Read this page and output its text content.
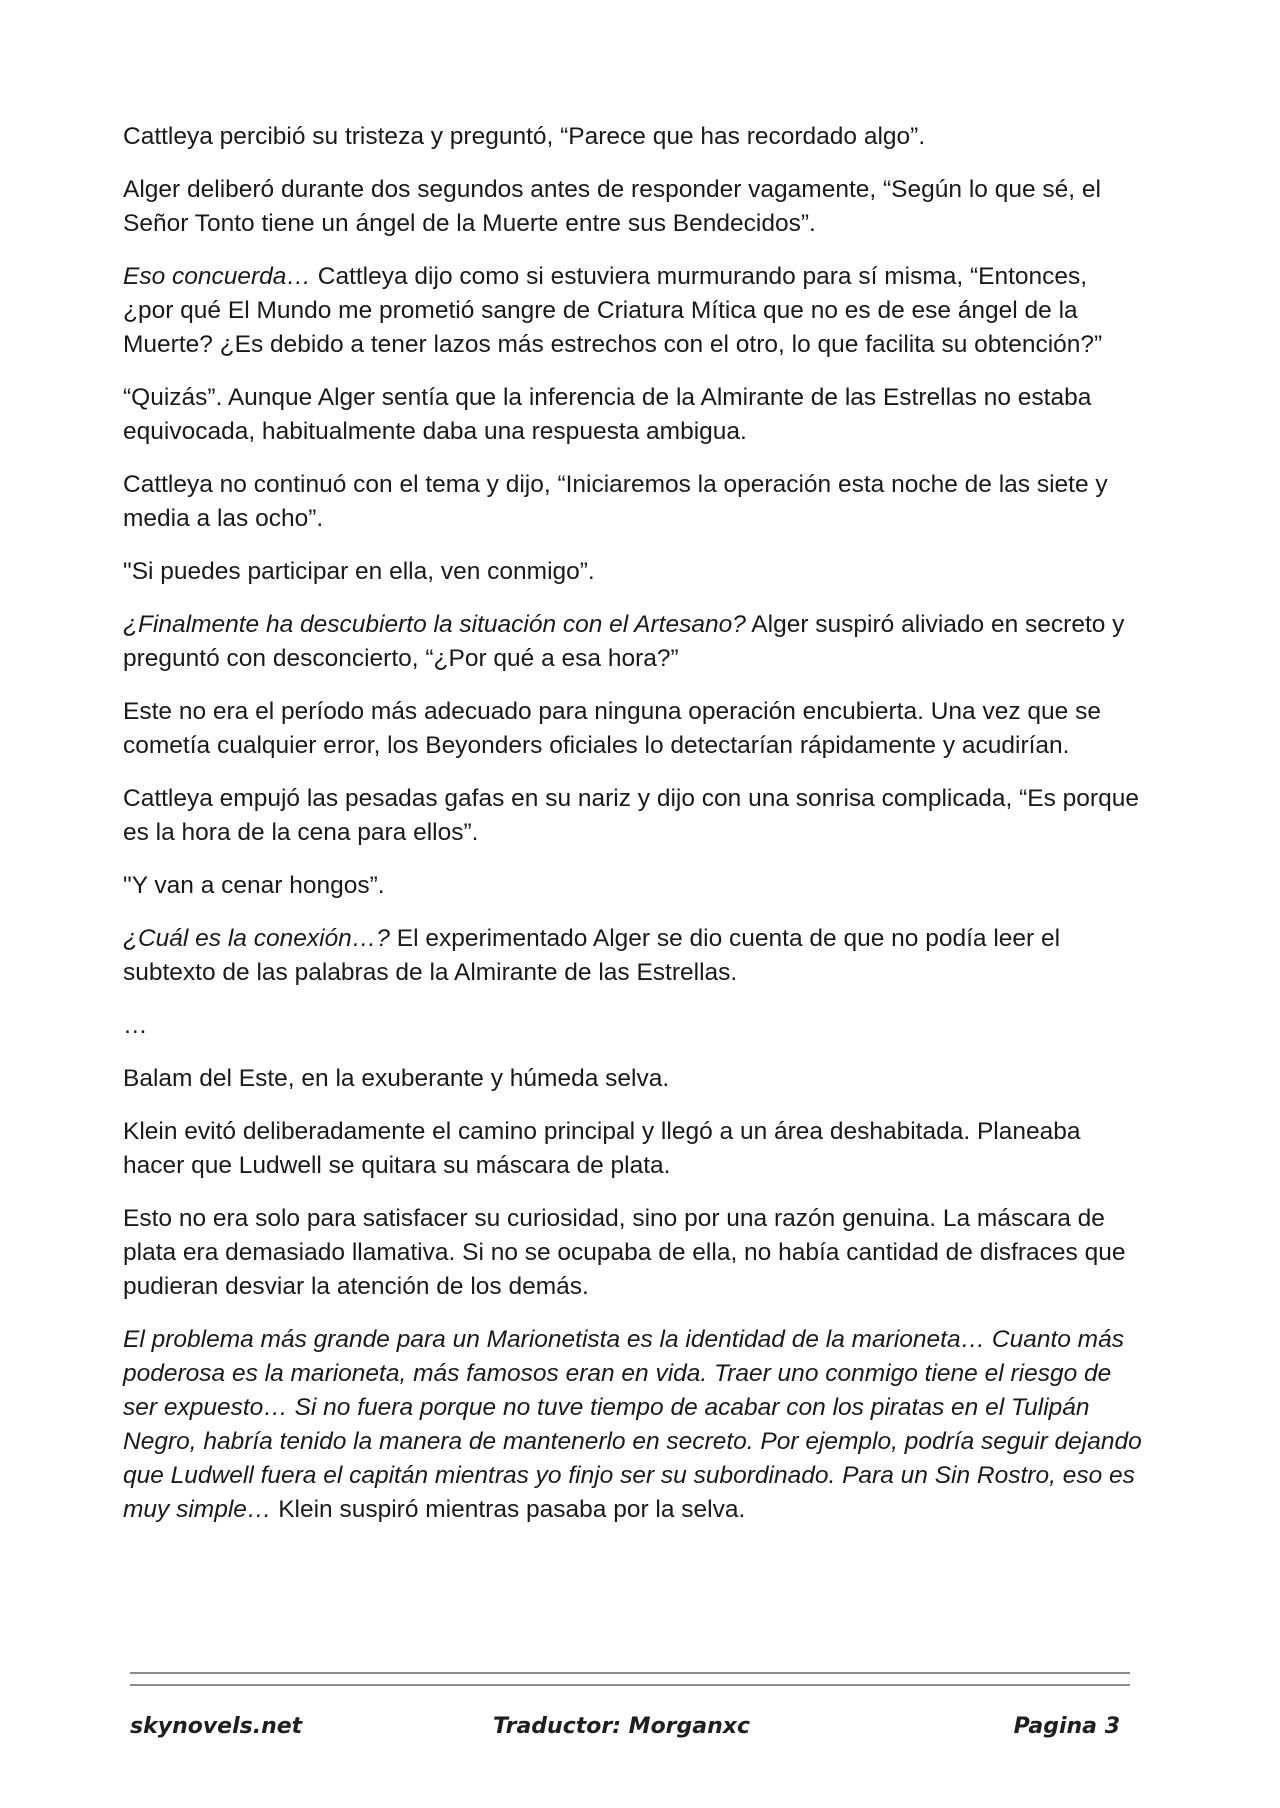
Cattleya percibió su tristeza y preguntó, “Parece que has recordado algo”.

Alger deliberó durante dos segundos antes de responder vagamente, “Según lo que sé, el Señor Tonto tiene un ángel de la Muerte entre sus Bendecidos”.

Eso concuerda… Cattleya dijo como si estuviera murmurando para sí misma, “Entonces, ¿por qué El Mundo me prometió sangre de Criatura Mítica que no es de ese ángel de la Muerte? ¿Es debido a tener lazos más estrechos con el otro, lo que facilita su obtención?”

“Quizás”. Aunque Alger sentía que la inferencia de la Almirante de las Estrellas no estaba equivocada, habitualmente daba una respuesta ambigua.

Cattleya no continuó con el tema y dijo, “Iniciaremos la operación esta noche de las siete y media a las ocho”.

"Si puedes participar en ella, ven conmigo”.

¿Finalmente ha descubierto la situación con el Artesano? Alger suspiró aliviado en secreto y preguntó con desconcierto, “¿Por qué a esa hora?”

Este no era el período más adecuado para ninguna operación encubierta. Una vez que se cometía cualquier error, los Beyonders oficiales lo detectarían rápidamente y acudirían.

Cattleya empujó las pesadas gafas en su nariz y dijo con una sonrisa complicada, “Es porque es la hora de la cena para ellos”.

"Y van a cenar hongos”.

¿Cuál es la conexión…? El experimentado Alger se dio cuenta de que no podía leer el subtexto de las palabras de la Almirante de las Estrellas.

…

Balam del Este, en la exuberante y húmeda selva.

Klein evitó deliberadamente el camino principal y llegó a un área deshabitada. Planeaba hacer que Ludwell se quitara su máscara de plata.

Esto no era solo para satisfacer su curiosidad, sino por una razón genuina. La máscara de plata era demasiado llamativa. Si no se ocupaba de ella, no había cantidad de disfraces que pudieran desviar la atención de los demás.

El problema más grande para un Marionetista es la identidad de la marioneta… Cuanto más poderosa es la marioneta, más famosos eran en vida. Traer uno conmigo tiene el riesgo de ser expuesto… Si no fuera porque no tuve tiempo de acabar con los piratas en el Tulipán Negro, habría tenido la manera de mantenerlo en secreto. Por ejemplo, podría seguir dejando que Ludwell fuera el capitán mientras yo finjo ser su subordinado. Para un Sin Rostro, eso es muy simple… Klein suspiró mientras pasaba por la selva.

skynovels.net	Traductor: Morganxc	Pagina 3
